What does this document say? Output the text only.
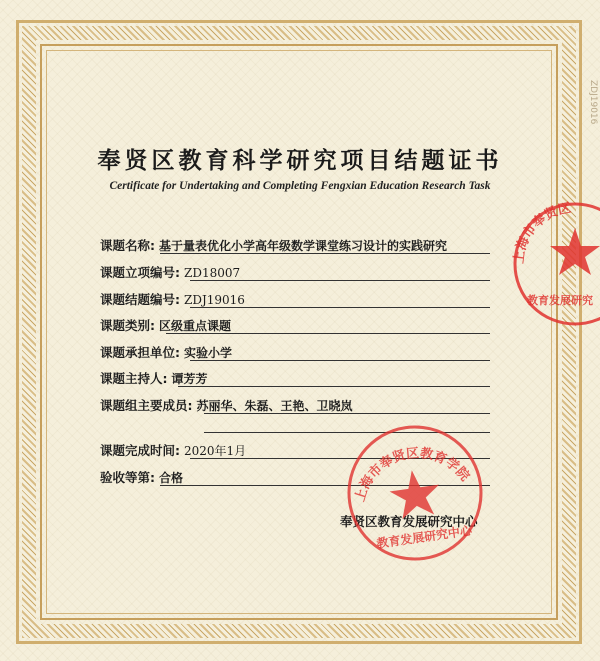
奉贤区教育科学研究项目结题证书
Certificate for Undertaking and Completing Fengxian Education Research Task
课题名称: 基于量表优化小学高年级数学课堂练习设计的实践研究
课题立项编号: ZD18007
课题结题编号: ZDJ19016
课题类别: 区级重点课题
课题承担单位: 实验小学
课题主持人: 谭芳芳
课题组主要成员: 苏丽华、朱磊、王艳、卫晓岚
课题完成时间: 2020年1月
验收等第: 合格
奉贤区教育发展研究中心
ZDJ19016
上海市奉贤区
教育发展研究
上海市奉贤区教育学院
教育发展研究中心
